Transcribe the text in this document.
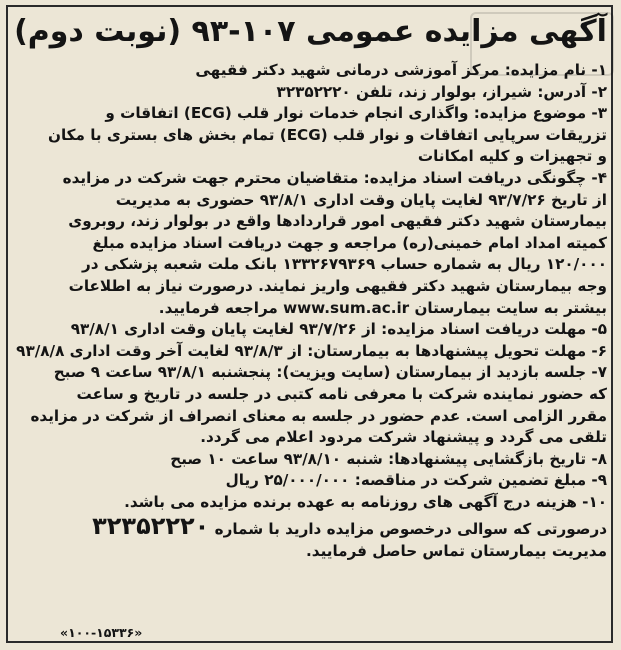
آگهی مزایده عمومی ۱۰۷-۹۳ (نوبت دوم)
۱- نام مزایده: مرکز آموزشی درمانی شهید دکتر فقیهی
۲- آدرس: شیراز، بولوار زند، تلفن ۳۲۳۵۲۲۲۰
۳- موضوع مزایده: واگذاری انجام خدمات نوار قلب (ECG) اتفاقات و
تزریقات سرپایی اتفاقات و نوار قلب (ECG) تمام بخش های بستری با مکان
و تجهیزات و کلیه امکانات
۴- چگونگی دریافت اسناد مزایده: متقاضیان محترم جهت شرکت در مزایده
از تاریخ ۹۳/۷/۲۶ لغایت پایان وقت اداری ۹۳/۸/۱ حضوری به مدیریت
بیمارستان شهید دکتر فقیهی امور قراردادها واقع در بولوار زند، روبروی
کمیته امداد امام خمینی(ره) مراجعه و جهت دریافت اسناد مزایده مبلغ
۱۲۰/۰۰۰ ریال به شماره حساب ۱۳۳۲۶۷۹۳۶۹ بانک ملت شعبه پزشکی در
وجه بیمارستان شهید دکتر فقیهی واریز نمایند. درصورت نیاز به اطلاعات
بیشتر به سایت بیمارستان www.sum.ac.ir مراجعه فرمایید.
۵- مهلت دریافت اسناد مزایده: از ۹۳/۷/۲۶ لغایت پایان وقت اداری ۹۳/۸/۱
۶- مهلت تحویل پیشنهادها به بیمارستان: از ۹۳/۸/۳ لغایت آخر وقت اداری ۹۳/۸/۸
۷- جلسه بازدید از بیمارستان (سایت ویزیت): پنجشنبه ۹۳/۸/۱ ساعت ۹ صبح
که حضور نماینده شرکت با معرفی نامه کتبی در جلسه در تاریخ و ساعت
مقرر الزامی است. عدم حضور در جلسه به معنای انصراف از شرکت در مزایده
تلقی می گردد و پیشنهاد شرکت مردود اعلام می گردد.
۸- تاریخ بازگشایی پیشنهادها: شنبه ۹۳/۸/۱۰ ساعت ۱۰ صبح
۹- مبلغ تضمین شرکت در مناقصه: ۲۵/۰۰۰/۰۰۰ ریال
۱۰- هزینه درج آگهی های روزنامه به عهده برنده مزایده می باشد.
درصورتی که سوالی درخصوص مزایده دارید با شماره ۳۲۳۵۲۲۲۰
مدیریت بیمارستان تماس حاصل فرمایید.
«۱۰۰-۱۵۳۳۶»
